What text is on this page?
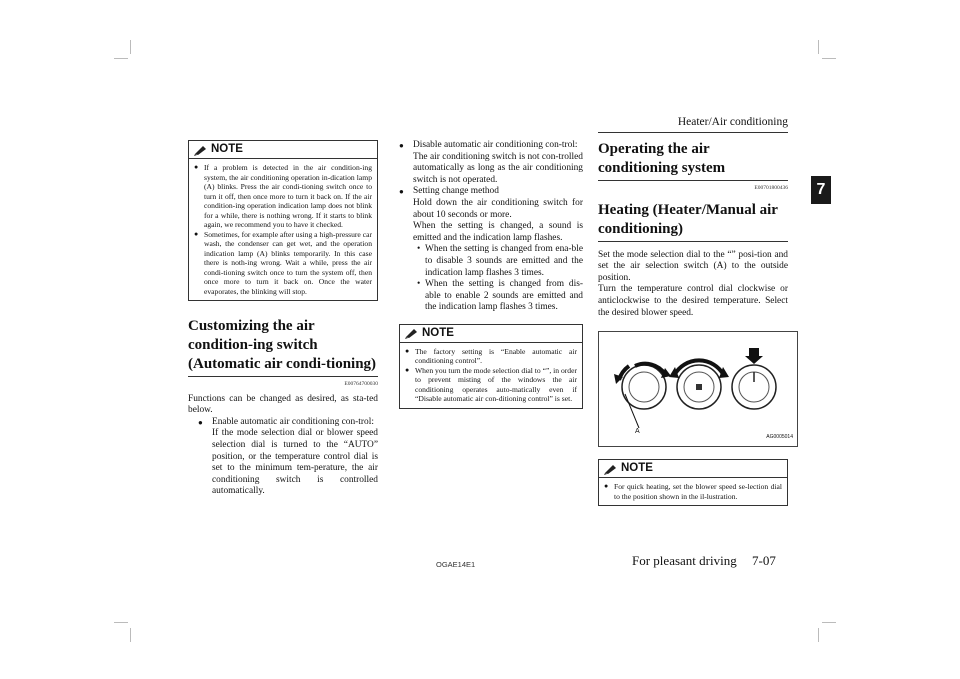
Heater/Air conditioning
7
NOTE
● If a problem is detected in the air condition-ing system, the air conditioning operation in-dication lamp (A) blinks. Press the air condi-tioning switch once to turn it off, then once more to turn it back on. If the air condition-ing operation indication lamp does not blink for a while, there is nothing wrong. If it starts to blink again, we recommend you to have it checked.
● Sometimes, for example after using a high-pressure car wash, the condenser can get wet, and the operation indication lamp (A) blinks temporarily. In this case there is noth-ing wrong. Wait a while, press the air condi-tioning switch once to turn the system off, then once more to turn it back on. Once the water evaporates, the blinking will stop.
Customizing the air condition-ing switch (Automatic air condi-tioning)
E00764700030

Functions can be changed as desired, as sta-ted below.

● Enable automatic air conditioning con-trol:
If the mode selection dial or blower speed selection dial is turned to the “AUTO” position, or the temperature control dial is set to the minimum tem-perature, the air conditioning switch is controlled automatically.
● Disable automatic air conditioning con-trol:
The air conditioning switch is not con-trolled automatically as long as the air conditioning switch is not operated.
● Setting change method
Hold down the air conditioning switch for about 10 seconds or more.

When the setting is changed, a sound is emitted and the indication lamp flashes.

• When the setting is changed from ena-ble to disable 3 sounds are emitted and the indication lamp flashes 3 times.
• When the setting is changed from dis-able to enable 2 sounds are emitted and the indication lamp flashes 3 times.
NOTE
● The factory setting is “Enable automatic air conditioning control”.
● When you turn the mode selection dial to “”, in order to prevent misting of the windows the air conditioning operates auto-matically even if “Disable automatic air con-ditioning control” is set.
Operating the air conditioning system
E00701800436
Heating (Heater/Manual air conditioning)

Set the mode selection dial to the “” posi-tion and set the air selection switch (A) to the outside position.

Turn the temperature control dial clockwise or anticlockwise to the desired temperature. Select the desired blower speed.

A
AG0005014
NOTE
● For quick heating, set the blower speed se-lection dial to the position shown in the il-lustration.
OGAE14E1	For pleasant driving 7-07
